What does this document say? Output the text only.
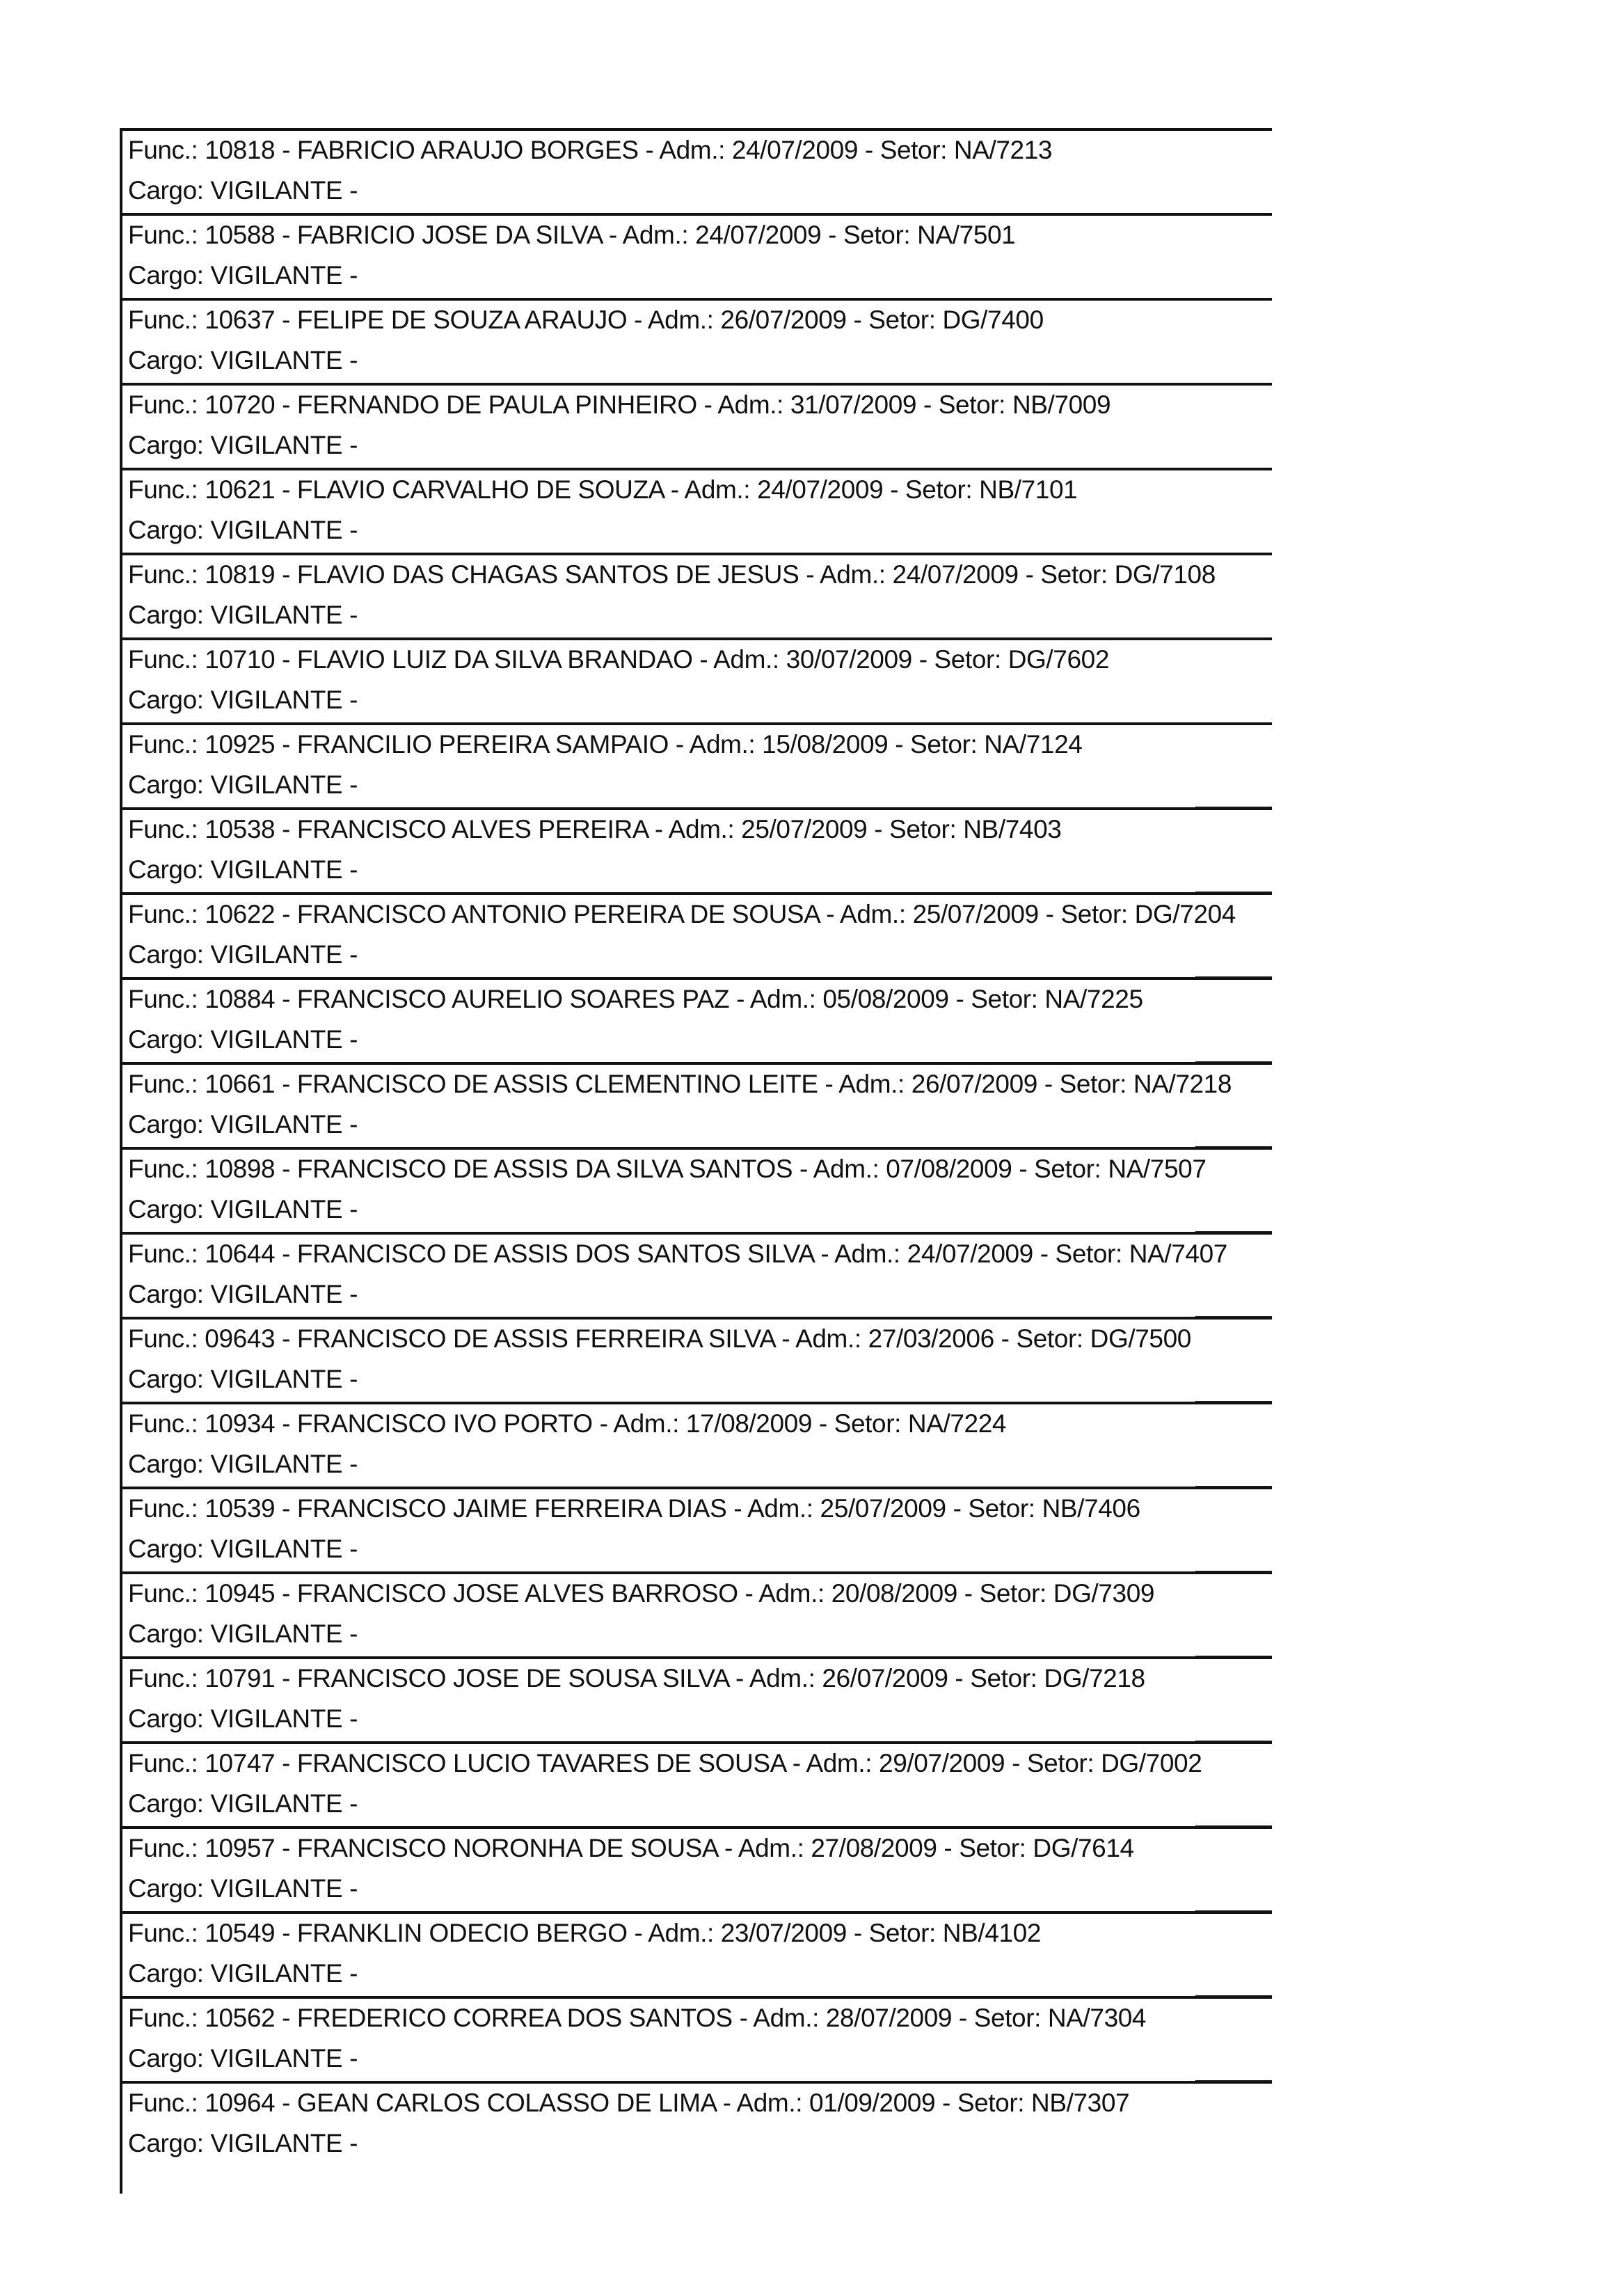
Func.: 10818 - FABRICIO ARAUJO BORGES - Adm.: 24/07/2009 - Setor: NA/7213
Cargo: VIGILANTE -
Func.: 10588 - FABRICIO JOSE DA SILVA - Adm.: 24/07/2009 - Setor: NA/7501
Cargo: VIGILANTE -
Func.: 10637 - FELIPE DE SOUZA ARAUJO - Adm.: 26/07/2009 - Setor: DG/7400
Cargo: VIGILANTE -
Func.: 10720 - FERNANDO DE PAULA PINHEIRO - Adm.: 31/07/2009 - Setor: NB/7009
Cargo: VIGILANTE -
Func.: 10621 - FLAVIO CARVALHO DE SOUZA - Adm.: 24/07/2009 - Setor: NB/7101
Cargo: VIGILANTE -
Func.: 10819 - FLAVIO DAS CHAGAS SANTOS DE JESUS - Adm.: 24/07/2009 - Setor: DG/7108
Cargo: VIGILANTE -
Func.: 10710 - FLAVIO LUIZ DA SILVA BRANDAO - Adm.: 30/07/2009 - Setor: DG/7602
Cargo: VIGILANTE -
Func.: 10925 - FRANCILIO PEREIRA SAMPAIO - Adm.: 15/08/2009 - Setor: NA/7124
Cargo: VIGILANTE -
Func.: 10538 - FRANCISCO ALVES PEREIRA - Adm.: 25/07/2009 - Setor: NB/7403
Cargo: VIGILANTE -
Func.: 10622 - FRANCISCO ANTONIO PEREIRA DE SOUSA - Adm.: 25/07/2009 - Setor: DG/7204
Cargo: VIGILANTE -
Func.: 10884 - FRANCISCO AURELIO SOARES PAZ - Adm.: 05/08/2009 - Setor: NA/7225
Cargo: VIGILANTE -
Func.: 10661 - FRANCISCO DE ASSIS CLEMENTINO LEITE - Adm.: 26/07/2009 - Setor: NA/7218
Cargo: VIGILANTE -
Func.: 10898 - FRANCISCO DE ASSIS DA SILVA SANTOS - Adm.: 07/08/2009 - Setor: NA/7507
Cargo: VIGILANTE -
Func.: 10644 - FRANCISCO DE ASSIS DOS SANTOS SILVA - Adm.: 24/07/2009 - Setor: NA/7407
Cargo: VIGILANTE -
Func.: 09643 - FRANCISCO DE ASSIS FERREIRA SILVA - Adm.: 27/03/2006 - Setor: DG/7500
Cargo: VIGILANTE -
Func.: 10934 - FRANCISCO IVO PORTO - Adm.: 17/08/2009 - Setor: NA/7224
Cargo: VIGILANTE -
Func.: 10539 - FRANCISCO JAIME FERREIRA DIAS - Adm.: 25/07/2009 - Setor: NB/7406
Cargo: VIGILANTE -
Func.: 10945 - FRANCISCO JOSE ALVES BARROSO - Adm.: 20/08/2009 - Setor: DG/7309
Cargo: VIGILANTE -
Func.: 10791 - FRANCISCO JOSE DE SOUSA SILVA - Adm.: 26/07/2009 - Setor: DG/7218
Cargo: VIGILANTE -
Func.: 10747 - FRANCISCO LUCIO TAVARES DE SOUSA - Adm.: 29/07/2009 - Setor: DG/7002
Cargo: VIGILANTE -
Func.: 10957 - FRANCISCO NORONHA DE SOUSA - Adm.: 27/08/2009 - Setor: DG/7614
Cargo: VIGILANTE -
Func.: 10549 - FRANKLIN ODECIO BERGO - Adm.: 23/07/2009 - Setor: NB/4102
Cargo: VIGILANTE -
Func.: 10562 - FREDERICO CORREA DOS SANTOS - Adm.: 28/07/2009 - Setor: NA/7304
Cargo: VIGILANTE -
Func.: 10964 - GEAN CARLOS COLASSO DE LIMA - Adm.: 01/09/2009 - Setor: NB/7307
Cargo: VIGILANTE -
